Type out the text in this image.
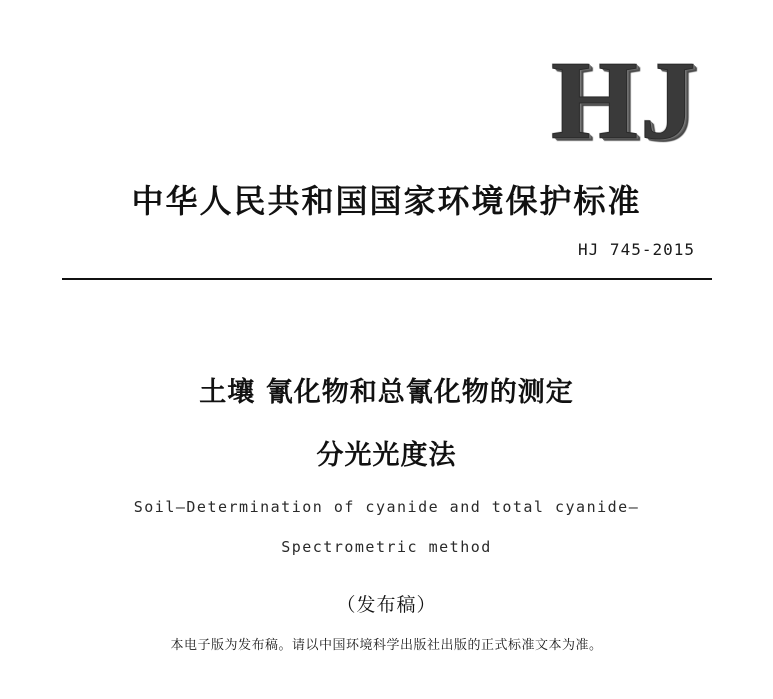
HJ
中华人民共和国国家环境保护标准
HJ 745-2015
土壤 氰化物和总氰化物的测定
分光光度法
Soil—Determination of cyanide and total cyanide—
Spectrometric method
（发布稿）
本电子版为发布稿。请以中国环境科学出版社出版的正式标准文本为准。
